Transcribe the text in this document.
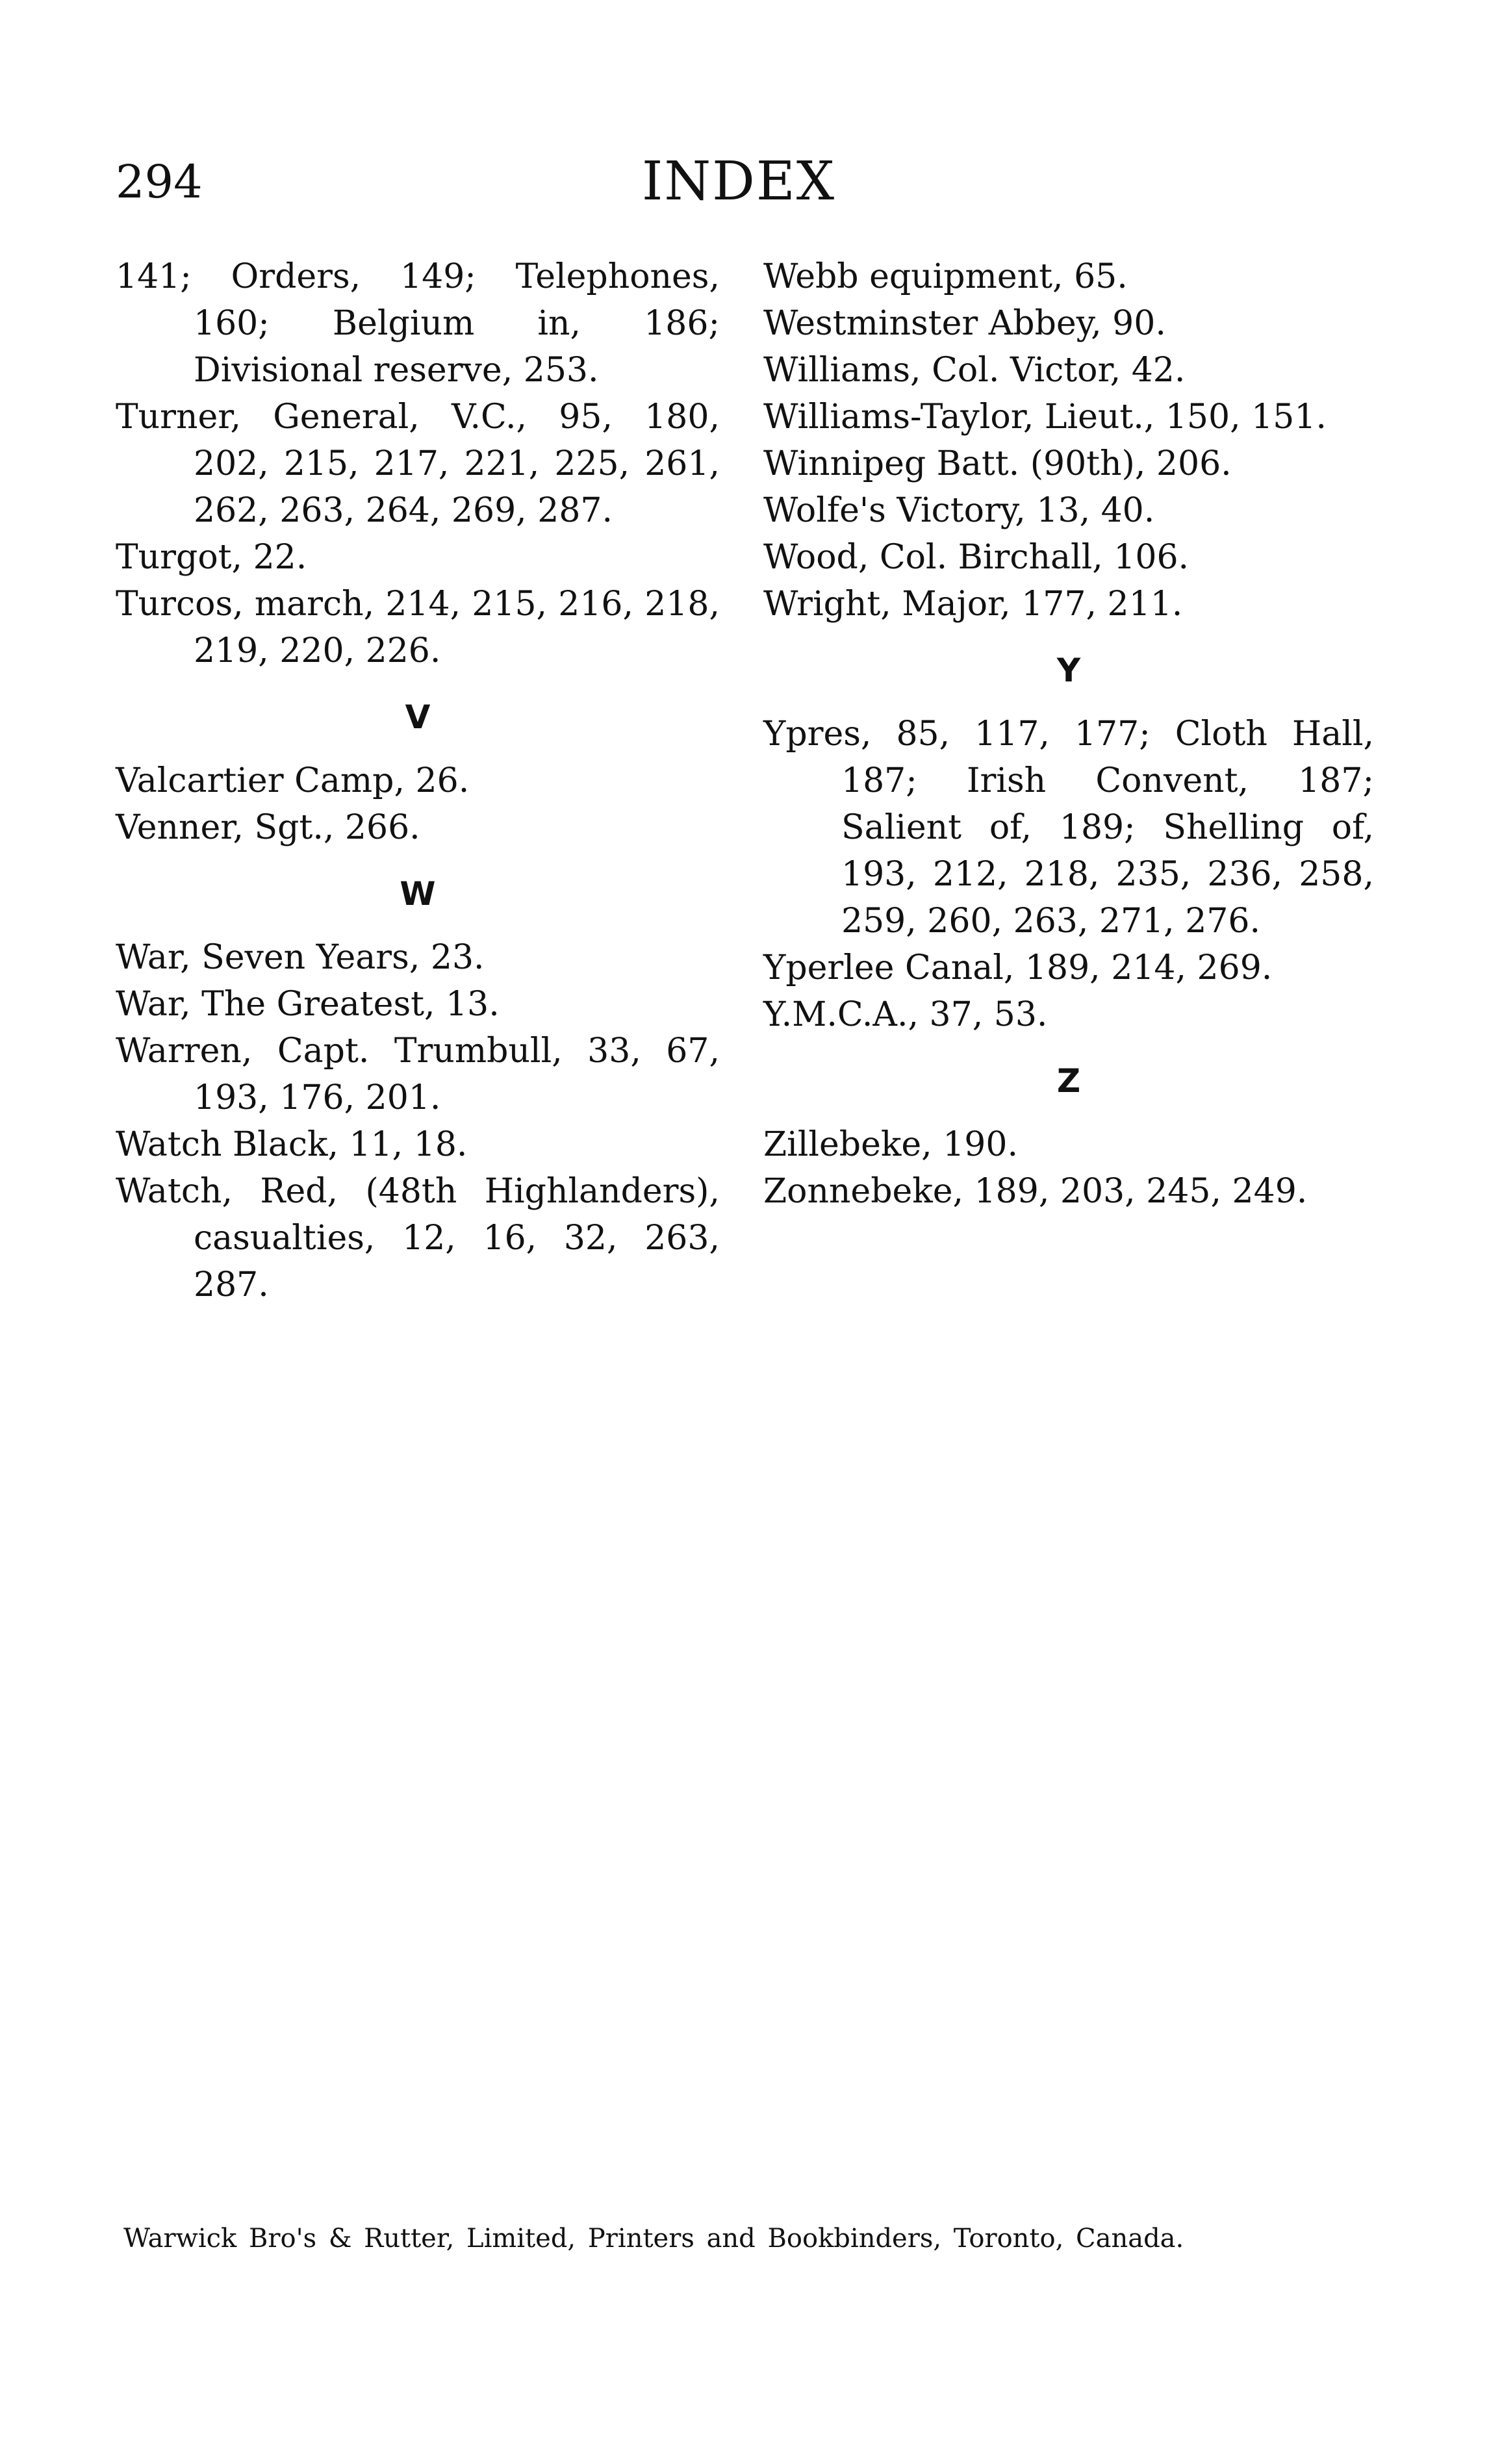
294	INDEX

141; Orders, 149; Telephones, 160; Belgium in, 186; Divisional reserve, 253.

Turner, General, V.C., 95, 180, 202, 215, 217, 221, 225, 261, 262, 263, 264, 269, 287.

Turgot, 22.

Turcos, march, 214, 215, 216, 218, 219, 220, 226.

V

Valcartier Camp, 26.

Venner, Sgt., 266.

W

War, Seven Years, 23.

War, The Greatest, 13.

Warren, Capt. Trumbull, 33, 67, 193, 176, 201.

Watch Black, 11, 18.

Watch, Red, (48th Highlanders), casualties, 12, 16, 32, 263, 287.

Webb equipment, 65.

Westminster Abbey, 90.

Williams, Col. Victor, 42.

Williams-Taylor, Lieut., 150, 151.

Winnipeg Batt. (90th), 206.

Wolfe's Victory, 13, 40.

Wood, Col. Birchall, 106.

Wright, Major, 177, 211.

Y

Ypres, 85, 117, 177; Cloth Hall, 187; Irish Convent, 187; Salient of, 189; Shelling of, 193, 212, 218, 235, 236, 258, 259, 260, 263, 271, 276.

Yperlee Canal, 189, 214, 269.

Y.M.C.A., 37, 53.

Z

Zillebeke, 190.

Zonnebeke, 189, 203, 245, 249.

Warwick Bro's & Rutter, Limited, Printers and Bookbinders, Toronto, Canada.
